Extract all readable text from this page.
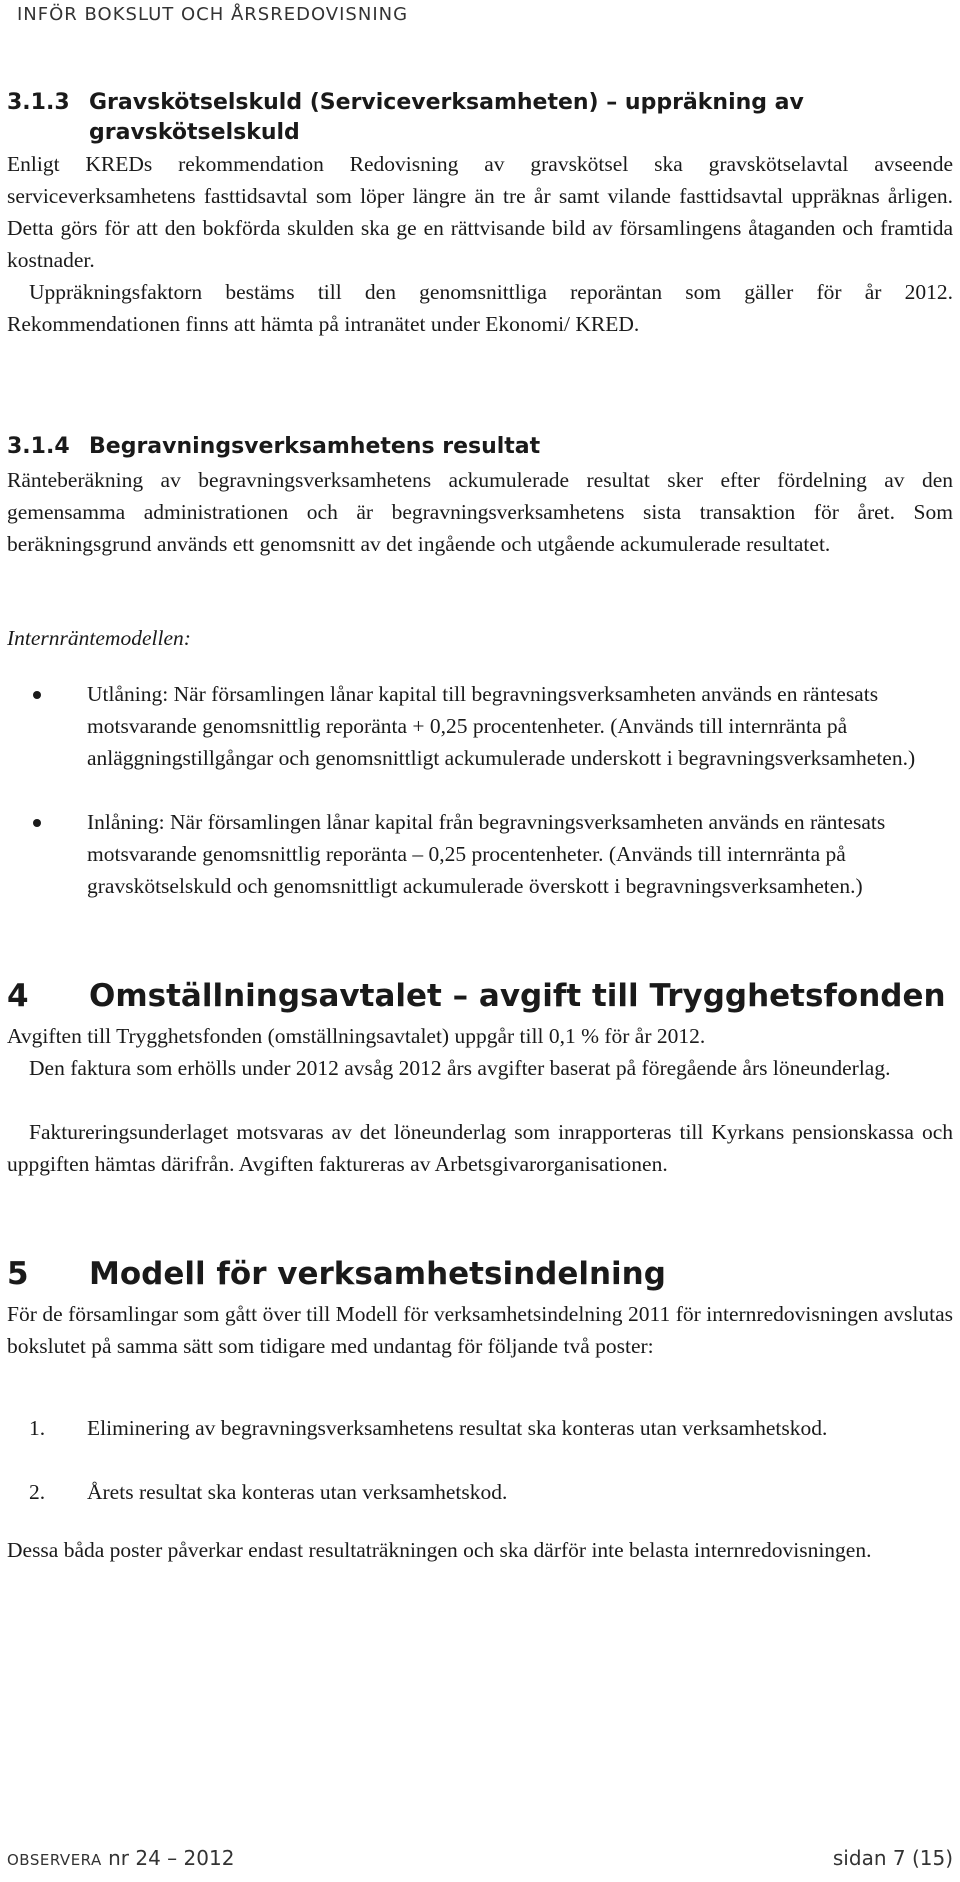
INFÖR BOKSLUT OCH ÅRSREDOVISNING
3.1.3 Gravskötselskuld (Serviceverksamheten) – uppräkning av gravskötselskuld

Enligt KREDs rekommendation Redovisning av gravskötsel ska gravskötselavtal avseende serviceverksamhetens fasttidsavtal som löper längre än tre år samt vilande fasttidsavtal uppräknas årligen. Detta görs för att den bokförda skulden ska ge en rättvisande bild av församlingens åtaganden och framtida kostnader.

Uppräkningsfaktorn bestäms till den genomsnittliga reporäntan som gäller för år 2012. Rekommendationen finns att hämta på intranätet under Ekonomi/ KRED.

3.1.4 Begravningsverksamhetens resultat

Ränteberäkning av begravningsverksamhetens ackumulerade resultat sker efter fördelning av den gemensamma administrationen och är begravningsverksamhetens sista transaktion för året. Som beräkningsgrund används ett genomsnitt av det ingående och utgående ackumulerade resultatet.

Internräntemodellen:

Utlåning: När församlingen lånar kapital till begravningsverksamheten används en räntesats motsvarande genomsnittlig reporänta + 0,25 procentenheter. (Används till internränta på anläggningstillgångar och genomsnittligt ackumulerade underskott i begravningsverksamheten.)
Inlåning: När församlingen lånar kapital från begravningsverksamheten används en räntesats motsvarande genomsnittlig reporänta – 0,25 procentenheter. (Används till internränta på gravskötselskuld och genomsnittligt ackumulerade överskott i begravningsverksamheten.)
4 Omställningsavtalet – avgift till Trygghetsfonden

Avgiften till Trygghetsfonden (omställningsavtalet) uppgår till 0,1 % för år 2012.

Den faktura som erhölls under 2012 avsåg 2012 års avgifter baserat på föregående års löneunderlag.

Faktureringsunderlaget motsvaras av det löneunderlag som inrapporteras till Kyrkans pensionskassa och uppgiften hämtas därifrån. Avgiften faktureras av Arbetsgivarorganisationen.

5 Modell för verksamhetsindelning

För de församlingar som gått över till Modell för verksamhetsindelning 2011 för internredovisningen avslutas bokslutet på samma sätt som tidigare med undantag för följande två poster:

1.	Eliminering av begravningsverksamhetens resultat ska konteras utan verksamhetskod.
2.	Årets resultat ska konteras utan verksamhetskod.

Dessa båda poster påverkar endast resultaträkningen och ska därför inte belasta internredovisningen.

OBSERVERA nr 24 – 2012	sidan 7 (15)
